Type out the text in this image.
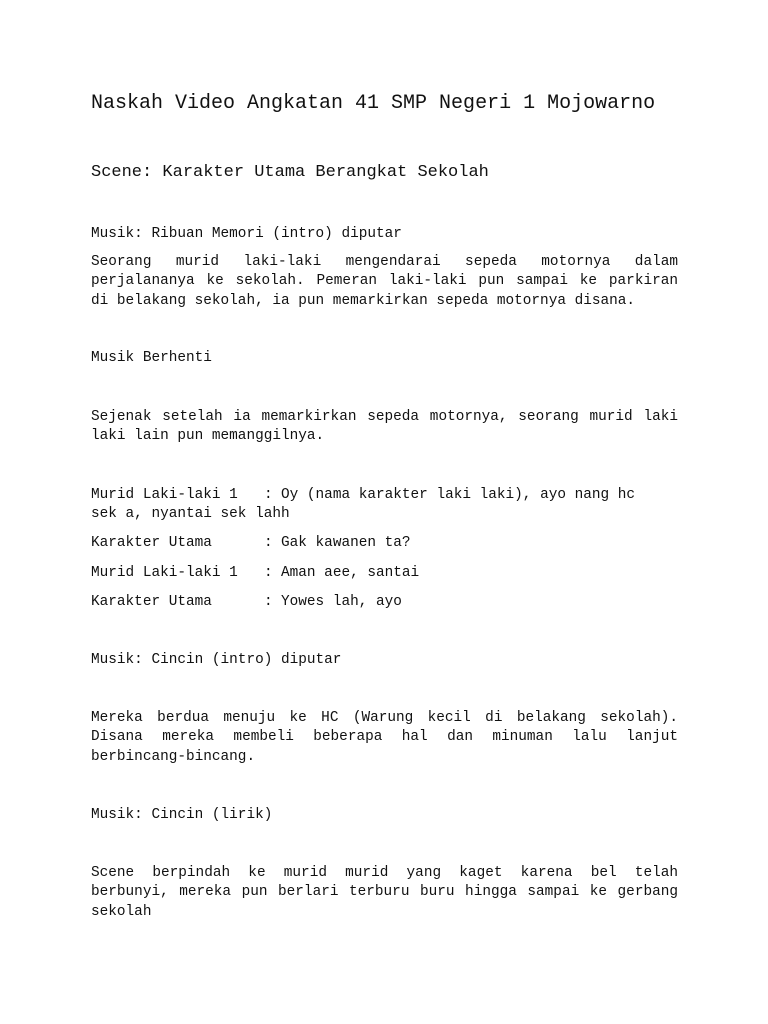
Naskah Video Angkatan 41 SMP Negeri 1 Mojowarno
Scene: Karakter Utama Berangkat Sekolah

Musik: Ribuan Memori (intro) diputar

Seorang murid laki-laki mengendarai sepeda motornya dalam perjalananya ke sekolah. Pemeran laki-laki pun sampai ke parkiran di belakang sekolah, ia pun memarkirkan sepeda motornya disana.

Musik Berhenti

Sejenak setelah ia memarkirkan sepeda motornya, seorang murid laki laki lain pun memanggilnya.

Murid Laki-laki 1	: Oy (nama karakter laki laki), ayo nang hc
sek a, nyantai sek lahh
Karakter Utama	: Gak kawanen ta?
Murid Laki-laki 1	: Aman aee, santai
Karakter Utama	: Yowes lah, ayo

Musik: Cincin (intro) diputar

Mereka berdua menuju ke HC (Warung kecil di belakang sekolah). Disana mereka membeli beberapa hal dan minuman lalu lanjut berbincang-bincang.

Musik: Cincin (lirik)

Scene berpindah ke murid murid yang kaget karena bel telah berbunyi, mereka pun berlari terburu buru hingga sampai ke gerbang sekolah
